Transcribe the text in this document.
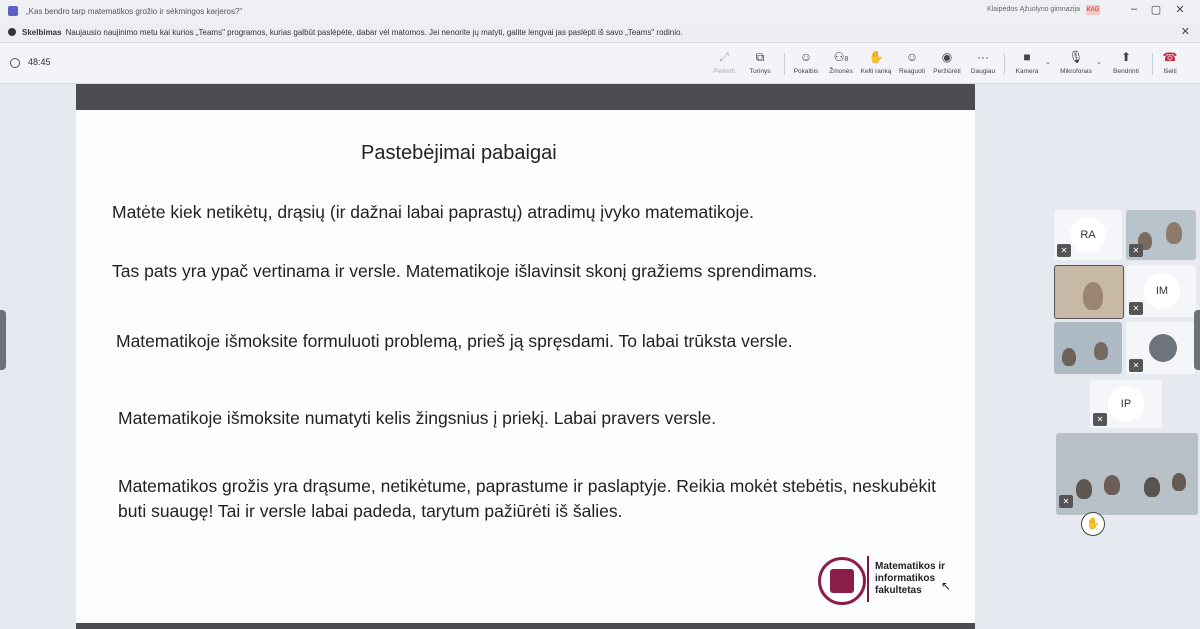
„Kas bendro tarp matematikos grožio ir sėkmingos karjeros?"	Klaipėdos Ąžuolyno gimnazija KAG	–	▢	✕
Skelbimas Naujausio naujinimo metu kai kurios „Teams" programos, kurias galbūt paslėpėte, dabar vėl matomos. Jei nenorite jų matyti, galite lengvai jas paslėpti iš savo „Teams" rodinio.	✕
48:45	⤢
Perkelti
⧉
Turinys
☺
Pokalbis
⚇8
Žmonės
✋
Kelti ranką
☺
Reaguoti
◉
Peržiūrėti
···
Daugiau
■
Kamera
⌄	🎙
Mikrofonas
⌄	⬆
Bendrinti
☎
Išeiti
Pastebėjimai pabaigai
Matėte kiek netikėtų, drąsių (ir dažnai labai paprastų) atradimų įvyko matematikoje.
Tas pats yra ypač vertinama ir versle. Matematikoje išlavinsit skonį gražiems sprendimams.
Matematikoje išmoksite formuluoti problemą, prieš ją spręsdami. To labai trūksta versle.
Matematikoje išmoksite numatyti kelis žingsnius į priekį. Labai pravers versle.
Matematikos grožis yra drąsume, netikėtume, paprastume ir paslaptyje. Reikia mokėt stebėtis, neskubėkit buti suaugę! Tai ir versle labai padeda, tarytum pažiūrėti iš šalies.
Matematikos ir
informatikos
fakultetas	↖
RA
✕	✕
IM
✕
✕
IP
✕
✕
✋
